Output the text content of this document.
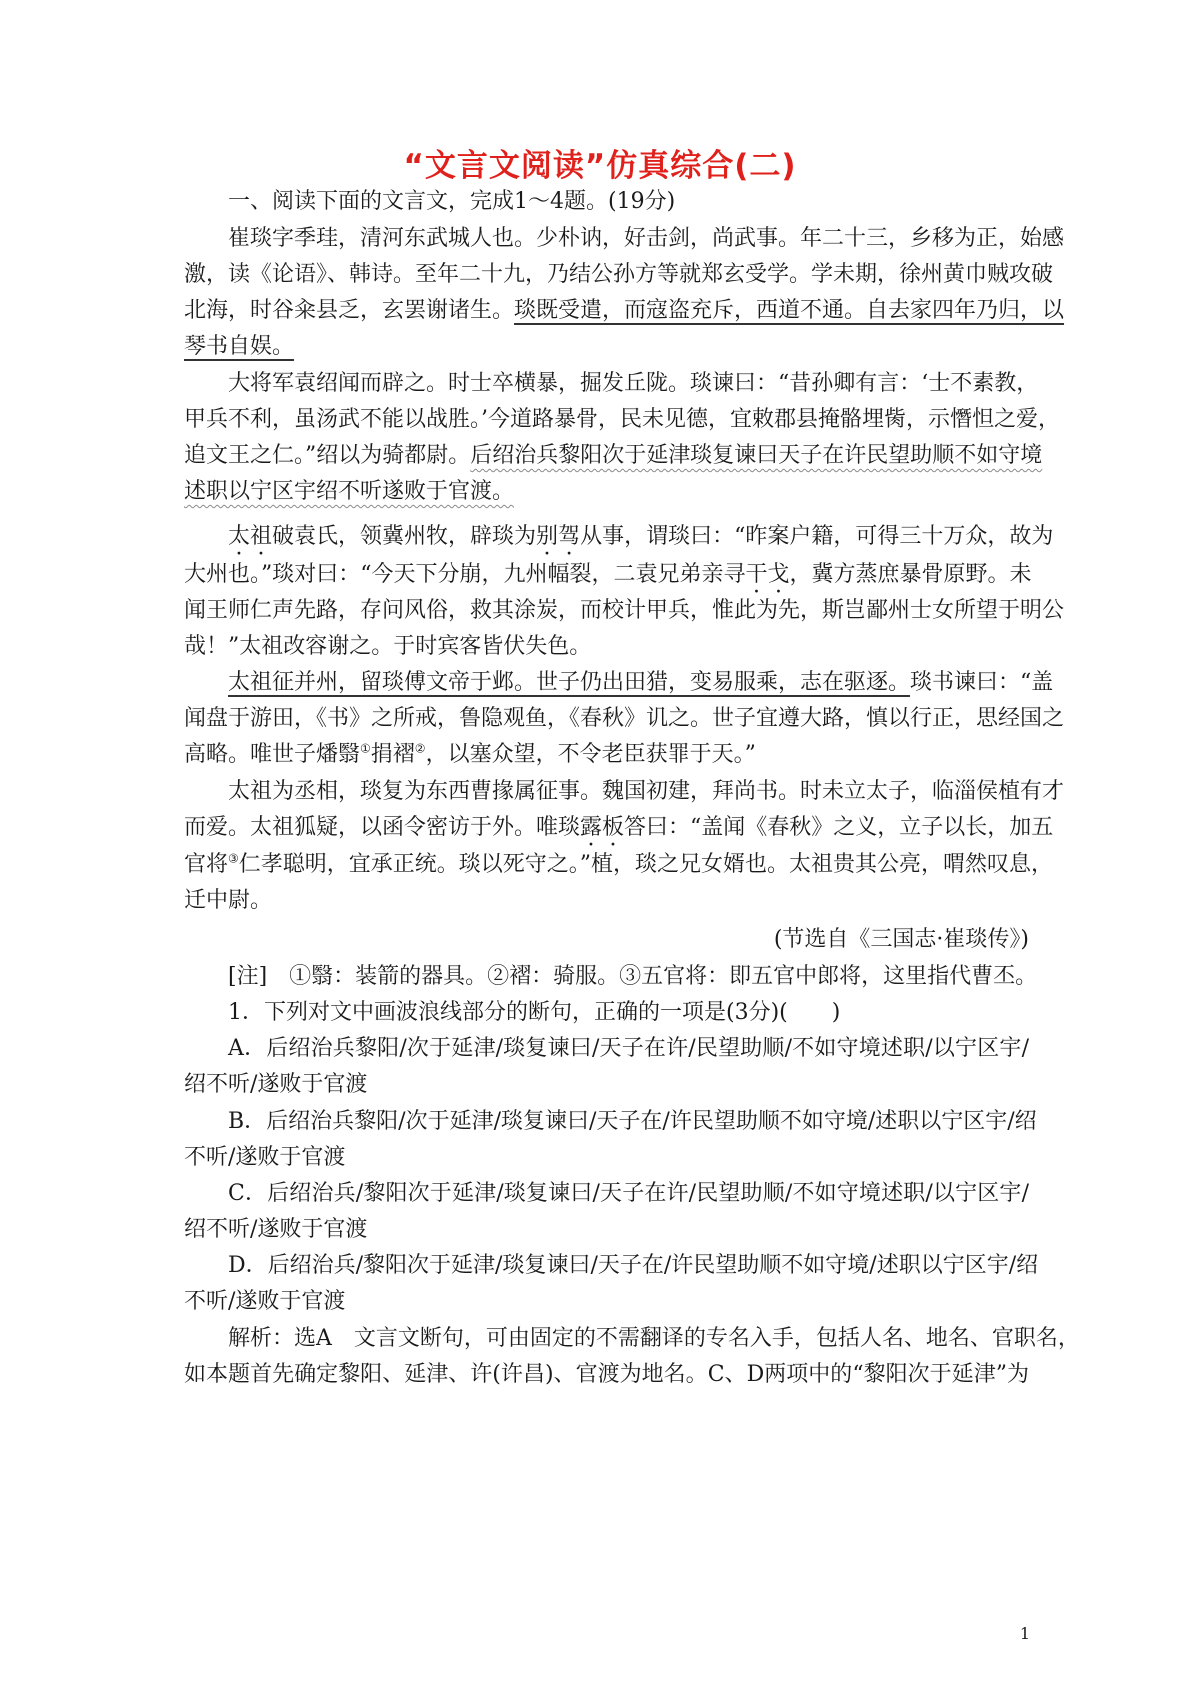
“文言文阅读”仿真综合(二)
一、阅读下面的文言文，完成1～4题。(19分)
崔琰字季珪，清河东武城人也。少朴讷，好击剑，尚武事。年二十三，乡移为正，始感
激，读《论语》、韩诗。至年二十九，乃结公孙方等就郑玄受学。学未期，徐州黄巾贼攻破
北海，时谷籴县乏，玄罢谢诸生。琰既受遣，而寇盗充斥，西道不通。自去家四年乃归，以
琴书自娱。
大将军袁绍闻而辟之。时士卒横暴，掘发丘陇。琰谏曰：“昔孙卿有言：‘士不素教，
甲兵不利，虽汤武不能以战胜。’今道路暴骨，民未见德，宜敕郡县掩骼埋胔，示憯怛之爱，
追文王之仁。”绍以为骑都尉。后绍治兵黎阳次于延津琰复谏曰天子在许民望助顺不如守境
述职以宁区宇绍不听遂败于官渡。
太祖破袁氏，领冀州牧，辟琰为别驾从事，谓琰曰：“昨案户籍，可得三十万众，故为
大州也。”琰对曰：“今天下分崩，九州幅裂，二袁兄弟亲寻干戈，冀方蒸庶暴骨原野。未
闻王师仁声先路，存问风俗，救其涂炭，而校计甲兵，惟此为先，斯岂鄙州士女所望于明公
哉！”太祖改容谢之。于时宾客皆伏失色。
太祖征并州，留琰傅文帝于邺。世子仍出田猎，变易服乘，志在驱逐。琰书谏曰：“盖
闻盘于游田，《书》之所戒，鲁隐观鱼，《春秋》讥之。世子宜遵大路，慎以行正，思经国之
高略。唯世子燔翳①捐褶②，以塞众望，不令老臣获罪于天。”
太祖为丞相，琰复为东西曹掾属征事。魏国初建，拜尚书。时未立太子，临淄侯植有才
而爱。太祖狐疑，以函令密访于外。唯琰露板答曰：“盖闻《春秋》之义，立子以长，加五
官将③仁孝聪明，宜承正统。琰以死守之。”植，琰之兄女婿也。太祖贵其公亮，喟然叹息，
迁中尉。
(节选自《三国志·崔琰传》)
[注]　①翳：装箭的器具。②褶：骑服。③五官将：即五官中郎将，这里指代曹丕。
1．下列对文中画波浪线部分的断句，正确的一项是(3分)(　　)
A．后绍治兵黎阳/次于延津/琰复谏曰/天子在许/民望助顺/不如守境述职/以宁区宇/
绍不听/遂败于官渡
B．后绍治兵黎阳/次于延津/琰复谏曰/天子在/许民望助顺不如守境/述职以宁区宇/绍
不听/遂败于官渡
C．后绍治兵/黎阳次于延津/琰复谏曰/天子在许/民望助顺/不如守境述职/以宁区宇/
绍不听/遂败于官渡
D．后绍治兵/黎阳次于延津/琰复谏曰/天子在/许民望助顺不如守境/述职以宁区宇/绍
不听/遂败于官渡
解析：选A　文言文断句，可由固定的不需翻译的专名入手，包括人名、地名、官职名，
如本题首先确定黎阳、延津、许(许昌)、官渡为地名。C、D两项中的“黎阳次于延津”为
1
